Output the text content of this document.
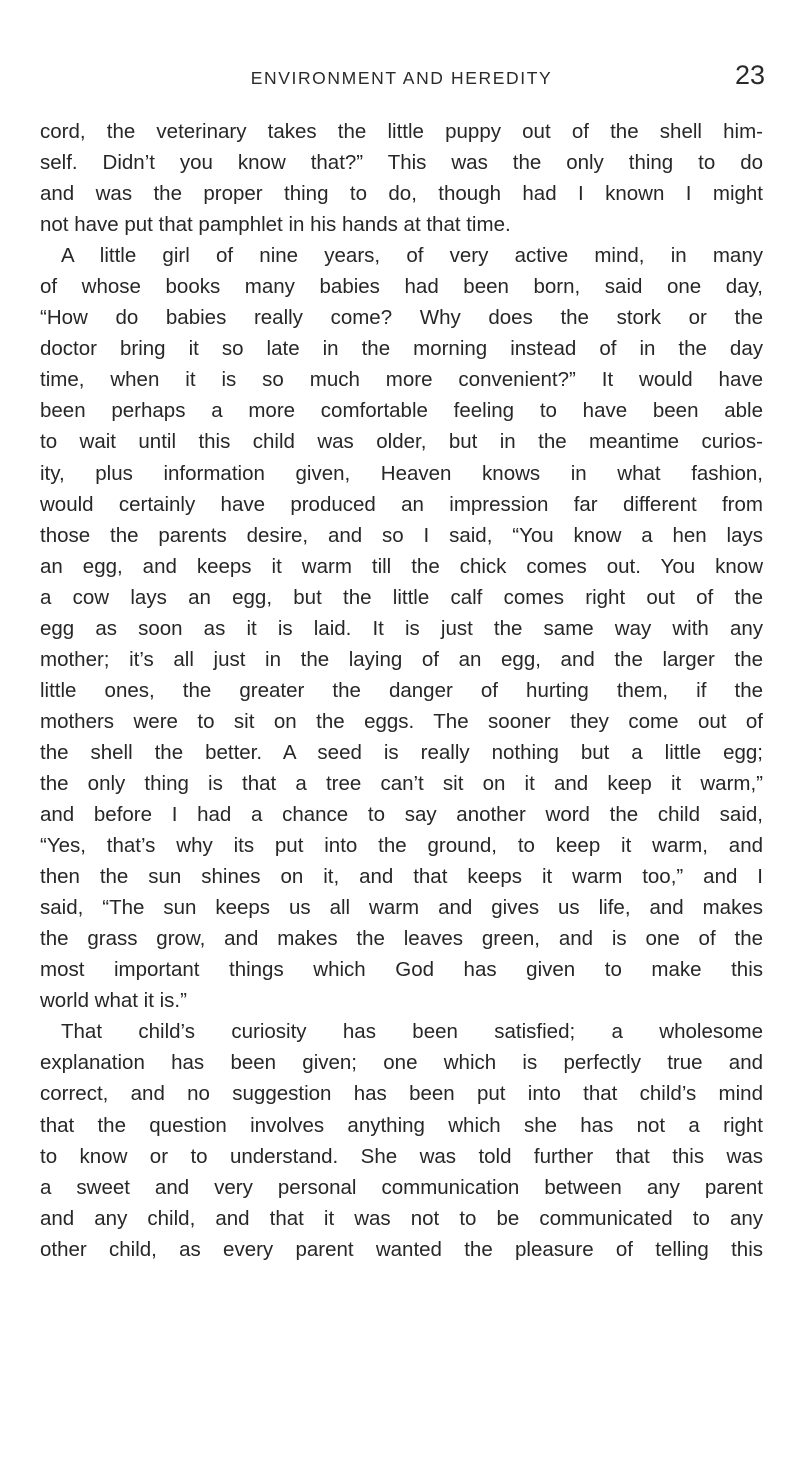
ENVIRONMENT AND HEREDITY	23
cord, the veterinary takes the little puppy out of the shell him-
self. Didn’t you know that?” This was the only thing to do
and was the proper thing to do, though had I known I might
not have put that pamphlet in his hands at that time.
A little girl of nine years, of very active mind, in many
of whose books many babies had been born, said one day,
“How do babies really come? Why does the stork or the
doctor bring it so late in the morning instead of in the day
time, when it is so much more convenient?” It would have
been perhaps a more comfortable feeling to have been able
to wait until this child was older, but in the meantime curios-
ity, plus information given, Heaven knows in what fashion,
would certainly have produced an impression far different from
those the parents desire, and so I said, “You know a hen lays
an egg, and keeps it warm till the chick comes out. You know
a cow lays an egg, but the little calf comes right out of the
egg as soon as it is laid. It is just the same way with any
mother; it’s all just in the laying of an egg, and the larger the
little ones, the greater the danger of hurting them, if the
mothers were to sit on the eggs. The sooner they come out of
the shell the better. A seed is really nothing but a little egg;
the only thing is that a tree can’t sit on it and keep it warm,”
and before I had a chance to say another word the child said,
“Yes, that’s why its put into the ground, to keep it warm, and
then the sun shines on it, and that keeps it warm too,” and I
said, “The sun keeps us all warm and gives us life, and makes
the grass grow, and makes the leaves green, and is one of the
most important things which God has given to make this
world what it is.”
That child’s curiosity has been satisfied; a wholesome
explanation has been given; one which is perfectly true and
correct, and no suggestion has been put into that child’s mind
that the question involves anything which she has not a right
to know or to understand. She was told further that this was
a sweet and very personal communication between any parent
and any child, and that it was not to be communicated to any
other child, as every parent wanted the pleasure of telling this
